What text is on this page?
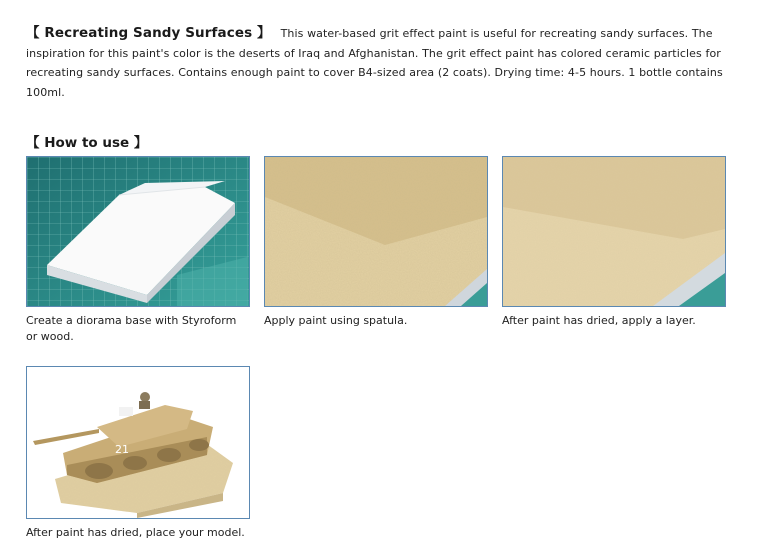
【 Recreating Sandy Surfaces 】 This water-based grit effect paint is useful for recreating sandy surfaces. The inspiration for this paint's color is the deserts of Iraq and Afghanistan. The grit effect paint has colored ceramic particles for recreating sandy surfaces. Contains enough paint to cover B4-sized area (2 coats). Drying time: 4-5 hours. 1 bottle contains 100ml.
【 How to use 】
Create a diorama base with Styroform or wood.
Apply paint using spatula.	After paint has dried, apply a layer.
21
After paint has dried, place your model.
